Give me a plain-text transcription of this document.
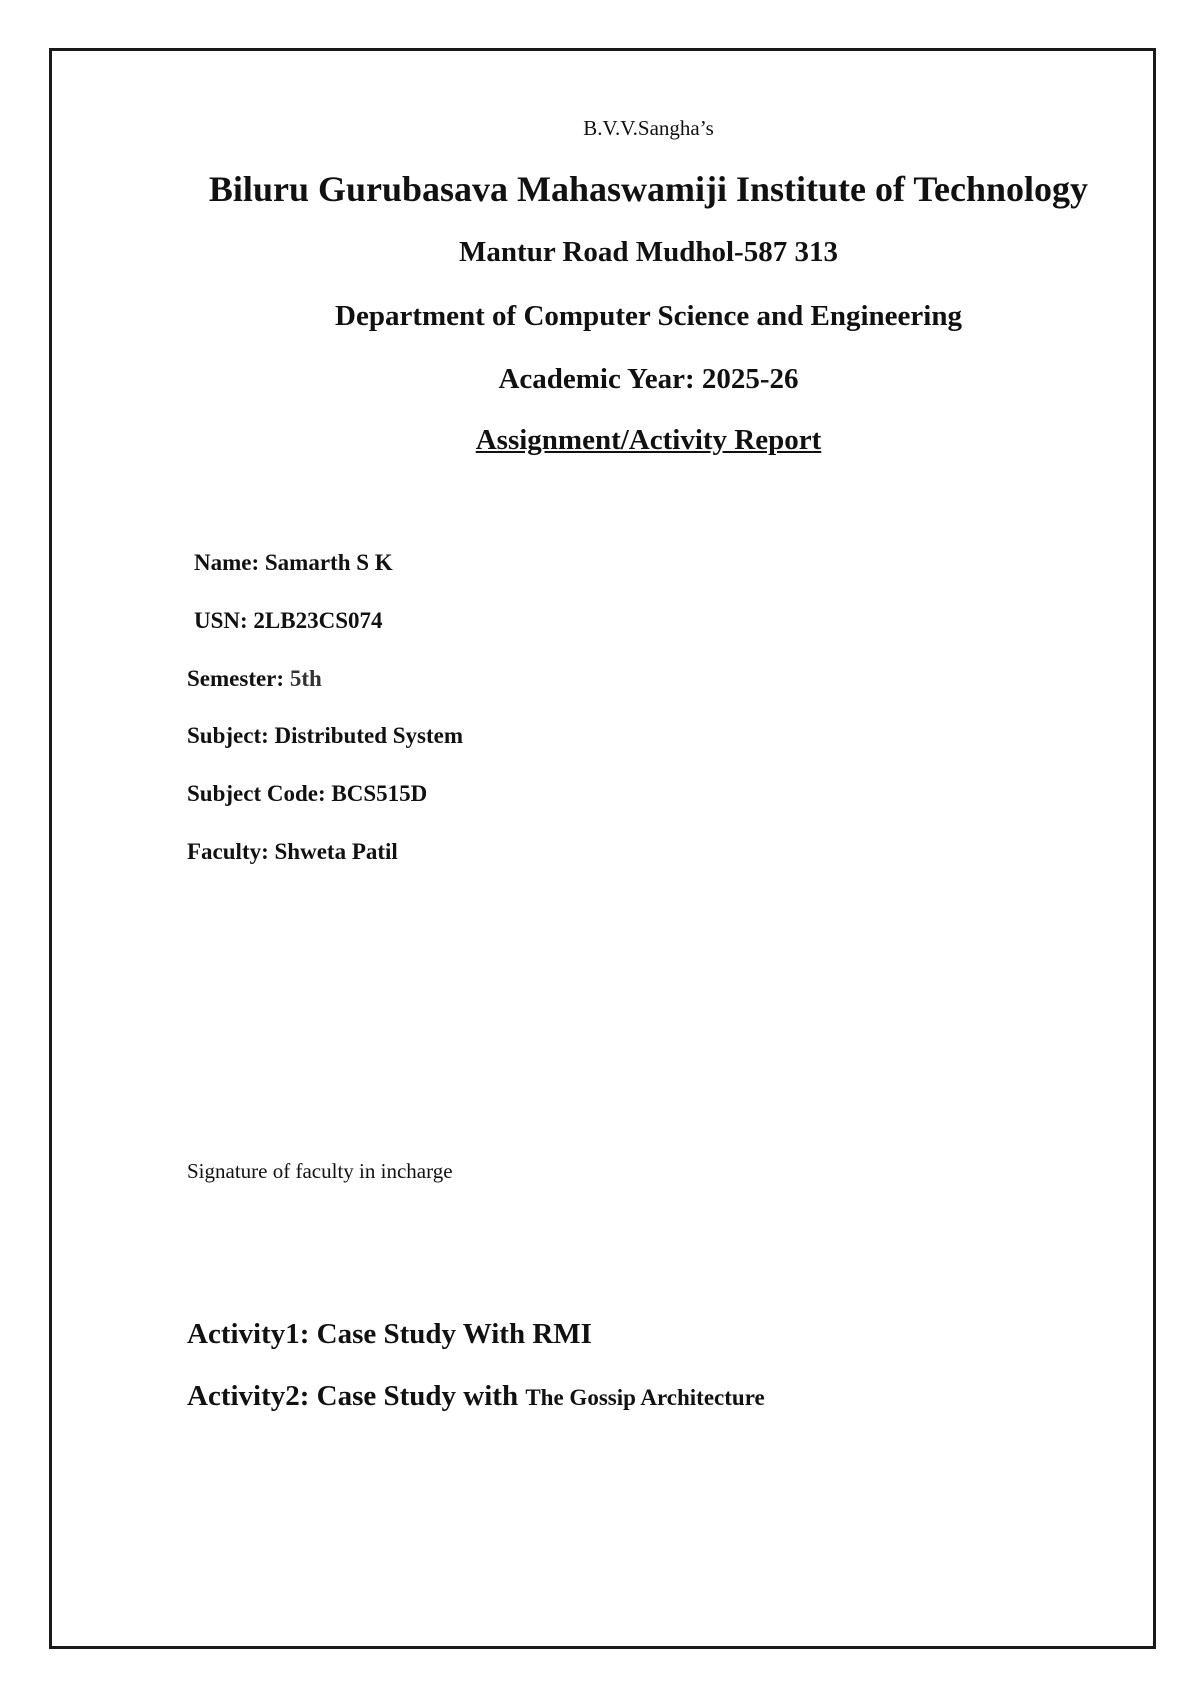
B.V.V.Sangha’s
Biluru Gurubasava Mahaswamiji Institute of Technology
Mantur Road Mudhol-587 313
Department of Computer Science and Engineering
Academic Year: 2025-26
Assignment/Activity Report
Name: Samarth S K
USN: 2LB23CS074
Semester: 5th
Subject: Distributed System
Subject Code: BCS515D
Faculty: Shweta Patil
Signature of faculty in incharge
Activity1: Case Study With RMI
Activity2: Case Study with The Gossip Architecture
